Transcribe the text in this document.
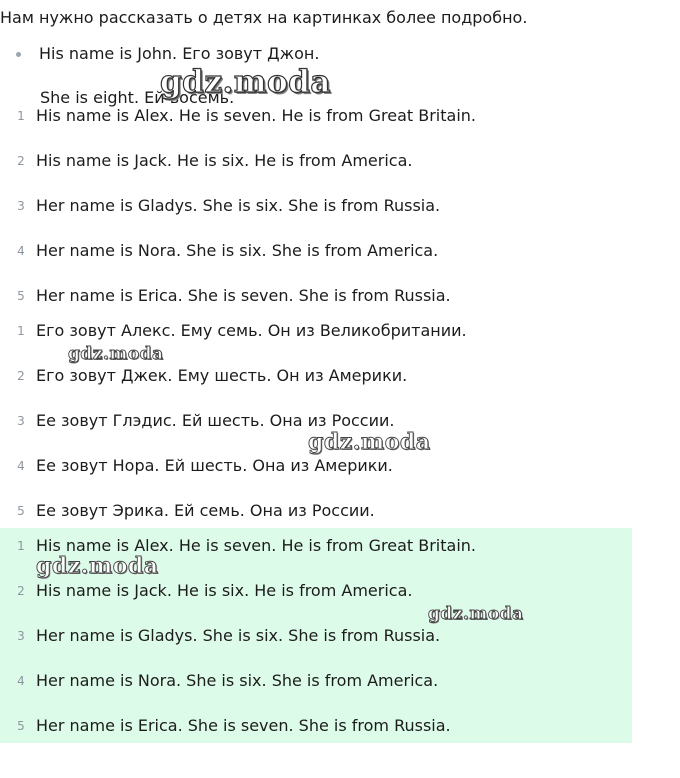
Нам нужно рассказать о детях на картинках более подробно.
His name is John. Его зовут Джон.
She is eight. Ей восемь.
1 His name is Alex. He is seven. He is from Great Britain.
2 His name is Jack. He is six. He is from America.
3 Her name is Gladys. She is six. She is from Russia.
4 Her name is Nora. She is six. She is from America.
5 Her name is Erica. She is seven. She is from Russia.
1 Его зовут Алекс. Ему семь. Он из Великобритании.
2 Его зовут Джек. Ему шесть. Он из Америки.
3 Ее зовут Глэдис. Ей шесть. Она из России.
4 Ее зовут Нора. Ей шесть. Она из Америки.
5 Ее зовут Эрика. Ей семь. Она из России.
1 His name is Alex. He is seven. He is from Great Britain.
2 His name is Jack. He is six. He is from America.
3 Her name is Gladys. She is six. She is from Russia.
4 Her name is Nora. She is six. She is from America.
5 Her name is Erica. She is seven. She is from Russia.
gdz.moda
gdz.moda
gdz.moda
gdz.moda
gdz.moda
